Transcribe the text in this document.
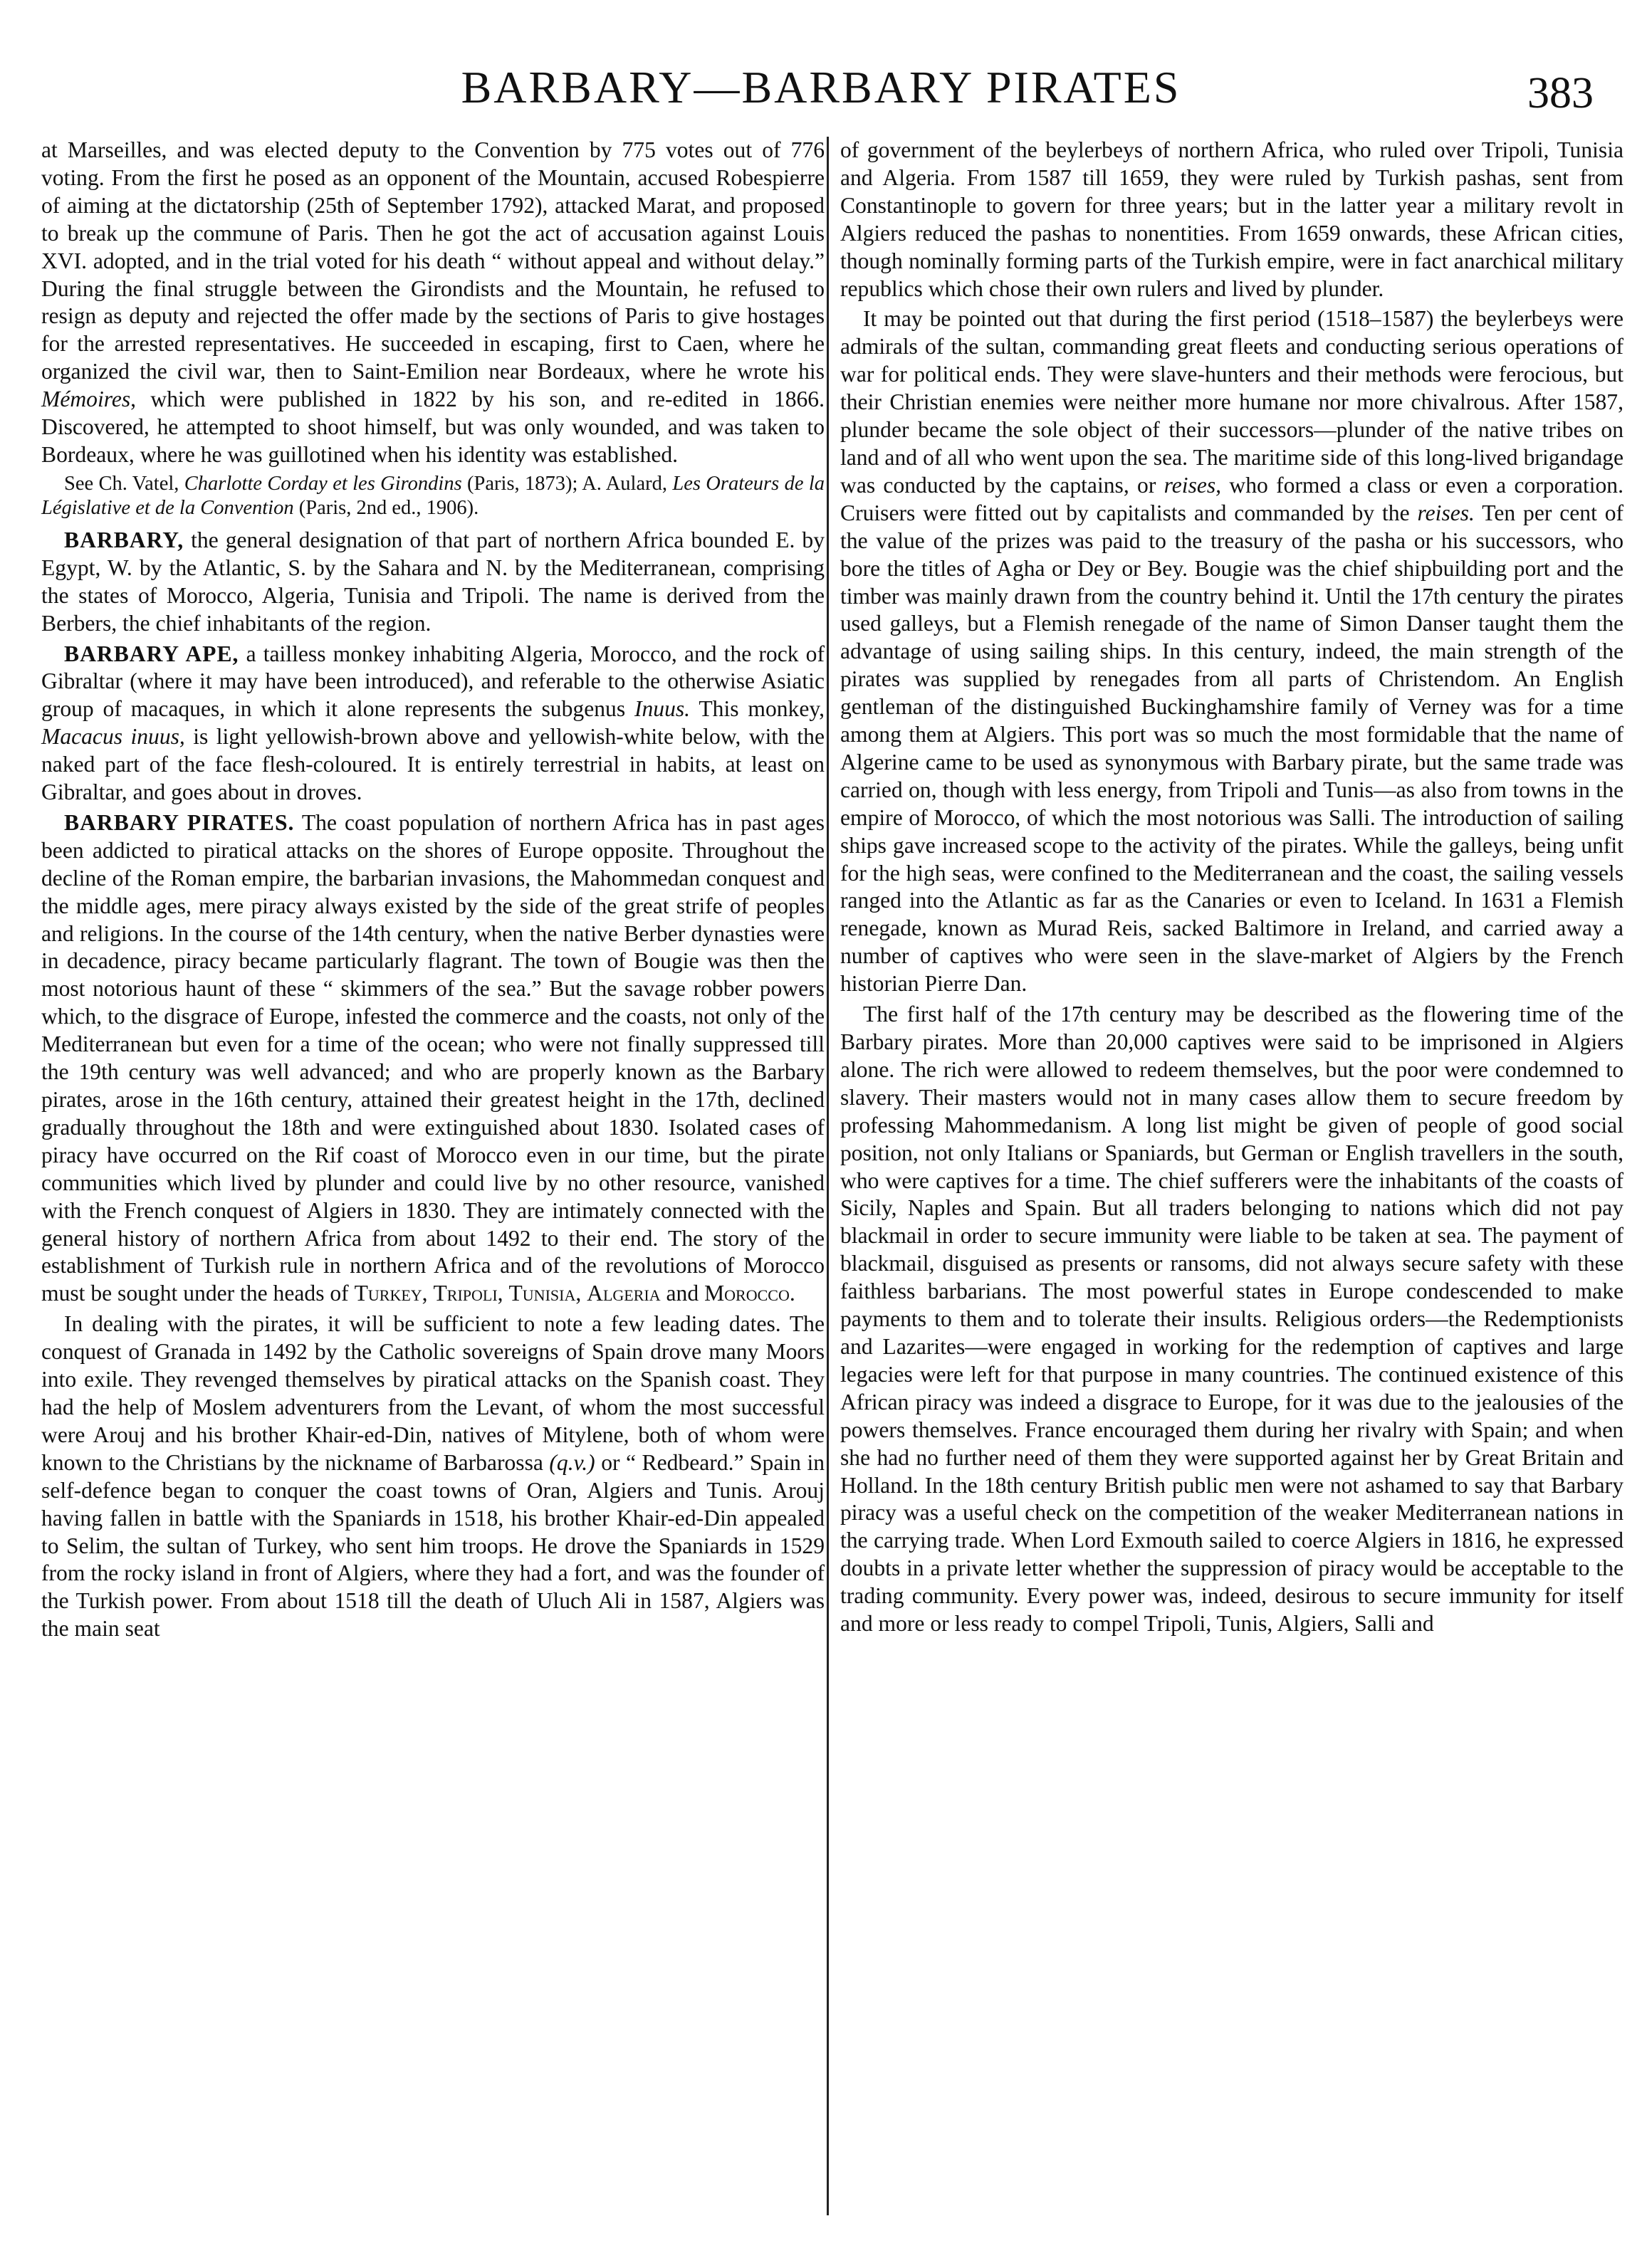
BARBARY—BARBARY PIRATES	383

at Marseilles, and was elected deputy to the Convention by 775 votes out of 776 voting. From the first he posed as an opponent of the Mountain, accused Robespierre of aiming at the dictatorship (25th of September 1792), attacked Marat, and proposed to break up the commune of Paris. Then he got the act of accusation against Louis XVI. adopted, and in the trial voted for his death “ without appeal and without delay.” During the final struggle between the Girondists and the Mountain, he refused to resign as deputy and rejected the offer made by the sections of Paris to give hostages for the arrested representatives. He succeeded in escaping, first to Caen, where he organized the civil war, then to Saint-Emilion near Bordeaux, where he wrote his Mémoires, which were published in 1822 by his son, and re-edited in 1866. Discovered, he attempted to shoot himself, but was only wounded, and was taken to Bordeaux, where he was guillotined when his identity was established.

See Ch. Vatel, Charlotte Corday et les Girondins (Paris, 1873); A. Aulard, Les Orateurs de la Législative et de la Convention (Paris, 2nd ed., 1906).

BARBARY, the general designation of that part of northern Africa bounded E. by Egypt, W. by the Atlantic, S. by the Sahara and N. by the Mediterranean, comprising the states of Morocco, Algeria, Tunisia and Tripoli. The name is derived from the Berbers, the chief inhabitants of the region.

BARBARY APE, a tailless monkey inhabiting Algeria, Morocco, and the rock of Gibraltar (where it may have been introduced), and referable to the otherwise Asiatic group of macaques, in which it alone represents the subgenus Inuus. This monkey, Macacus inuus, is light yellowish-brown above and yellowish-white below, with the naked part of the face flesh-coloured. It is entirely terrestrial in habits, at least on Gibraltar, and goes about in droves.

BARBARY PIRATES. The coast population of northern Africa has in past ages been addicted to piratical attacks on the shores of Europe opposite. Throughout the decline of the Roman empire, the barbarian invasions, the Mahommedan conquest and the middle ages, mere piracy always existed by the side of the great strife of peoples and religions. In the course of the 14th century, when the native Berber dynasties were in decadence, piracy became particularly flagrant. The town of Bougie was then the most notorious haunt of these “ skimmers of the sea.” But the savage robber powers which, to the disgrace of Europe, infested the commerce and the coasts, not only of the Mediterranean but even for a time of the ocean; who were not finally suppressed till the 19th century was well advanced; and who are properly known as the Barbary pirates, arose in the 16th century, attained their greatest height in the 17th, declined gradually throughout the 18th and were extinguished about 1830. Isolated cases of piracy have occurred on the Rif coast of Morocco even in our time, but the pirate communities which lived by plunder and could live by no other resource, vanished with the French conquest of Algiers in 1830. They are intimately connected with the general history of northern Africa from about 1492 to their end. The story of the establishment of Turkish rule in northern Africa and of the revolutions of Morocco must be sought under the heads of Turkey, Tripoli, Tunisia, Algeria and Morocco.

In dealing with the pirates, it will be sufficient to note a few leading dates. The conquest of Granada in 1492 by the Catholic sovereigns of Spain drove many Moors into exile. They revenged themselves by piratical attacks on the Spanish coast. They had the help of Moslem adventurers from the Levant, of whom the most successful were Arouj and his brother Khair-ed-Din, natives of Mitylene, both of whom were known to the Christians by the nickname of Barbarossa (q.v.) or “ Redbeard.” Spain in self-defence began to conquer the coast towns of Oran, Algiers and Tunis. Arouj having fallen in battle with the Spaniards in 1518, his brother Khair-ed-Din appealed to Selim, the sultan of Turkey, who sent him troops. He drove the Spaniards in 1529 from the rocky island in front of Algiers, where they had a fort, and was the founder of the Turkish power. From about 1518 till the death of Uluch Ali in 1587, Algiers was the main seat

of government of the beylerbeys of northern Africa, who ruled over Tripoli, Tunisia and Algeria. From 1587 till 1659, they were ruled by Turkish pashas, sent from Constantinople to govern for three years; but in the latter year a military revolt in Algiers reduced the pashas to nonentities. From 1659 onwards, these African cities, though nominally forming parts of the Turkish empire, were in fact anarchical military republics which chose their own rulers and lived by plunder.

It may be pointed out that during the first period (1518–1587) the beylerbeys were admirals of the sultan, commanding great fleets and conducting serious operations of war for political ends. They were slave-hunters and their methods were ferocious, but their Christian enemies were neither more humane nor more chivalrous. After 1587, plunder became the sole object of their successors—plunder of the native tribes on land and of all who went upon the sea. The maritime side of this long-lived brigandage was conducted by the captains, or reises, who formed a class or even a corporation. Cruisers were fitted out by capitalists and commanded by the reises. Ten per cent of the value of the prizes was paid to the treasury of the pasha or his successors, who bore the titles of Agha or Dey or Bey. Bougie was the chief shipbuilding port and the timber was mainly drawn from the country behind it. Until the 17th century the pirates used galleys, but a Flemish renegade of the name of Simon Danser taught them the advantage of using sailing ships. In this century, indeed, the main strength of the pirates was supplied by renegades from all parts of Christendom. An English gentleman of the distinguished Buckinghamshire family of Verney was for a time among them at Algiers. This port was so much the most formidable that the name of Algerine came to be used as synonymous with Barbary pirate, but the same trade was carried on, though with less energy, from Tripoli and Tunis—as also from towns in the empire of Morocco, of which the most notorious was Salli. The introduction of sailing ships gave increased scope to the activity of the pirates. While the galleys, being unfit for the high seas, were confined to the Mediterranean and the coast, the sailing vessels ranged into the Atlantic as far as the Canaries or even to Iceland. In 1631 a Flemish renegade, known as Murad Reis, sacked Baltimore in Ireland, and carried away a number of captives who were seen in the slave-market of Algiers by the French historian Pierre Dan.

The first half of the 17th century may be described as the flowering time of the Barbary pirates. More than 20,000 captives were said to be imprisoned in Algiers alone. The rich were allowed to redeem themselves, but the poor were condemned to slavery. Their masters would not in many cases allow them to secure freedom by professing Mahommedanism. A long list might be given of people of good social position, not only Italians or Spaniards, but German or English travellers in the south, who were captives for a time. The chief sufferers were the inhabitants of the coasts of Sicily, Naples and Spain. But all traders belonging to nations which did not pay blackmail in order to secure immunity were liable to be taken at sea. The payment of blackmail, disguised as presents or ransoms, did not always secure safety with these faithless barbarians. The most powerful states in Europe condescended to make payments to them and to tolerate their insults. Religious orders—the Redemptionists and Lazarites—were engaged in working for the redemption of captives and large legacies were left for that purpose in many countries. The continued existence of this African piracy was indeed a disgrace to Europe, for it was due to the jealousies of the powers themselves. France encouraged them during her rivalry with Spain; and when she had no further need of them they were supported against her by Great Britain and Holland. In the 18th century British public men were not ashamed to say that Barbary piracy was a useful check on the competition of the weaker Mediterranean nations in the carrying trade. When Lord Exmouth sailed to coerce Algiers in 1816, he expressed doubts in a private letter whether the suppression of piracy would be acceptable to the trading community. Every power was, indeed, desirous to secure immunity for itself and more or less ready to compel Tripoli, Tunis, Algiers, Salli and
